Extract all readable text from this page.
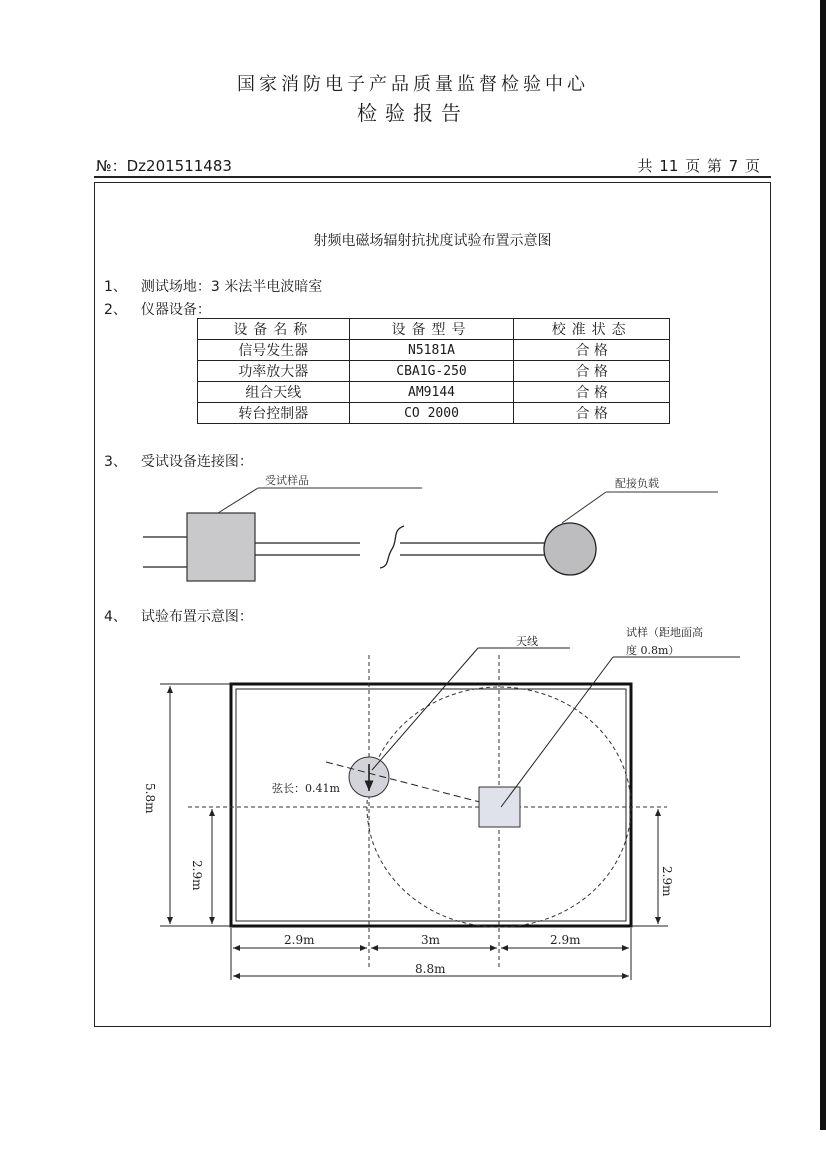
国家消防电子产品质量监督检验中心
检验报告
№：Dz201511483	共 11 页 第 7 页
射频电磁场辐射抗扰度试验布置示意图
1、 测试场地：3 米法半电波暗室
2、 仪器设备：
设备名称	设备型号	校准状态
信号发生器	N5181A	合 格
功率放大器	CBA1G-250	合 格
组合天线	AM9144	合 格
转台控制器	CO 2000	合 格
3、 受试设备连接图：
受试样品	配接负载
4、 试验布置示意图：
弦长：0.41m
天线
试样（距地面高
度 0.8m）
5.8m
2.9m	2.9m
2.9m	3m	2.9m
8.8m
